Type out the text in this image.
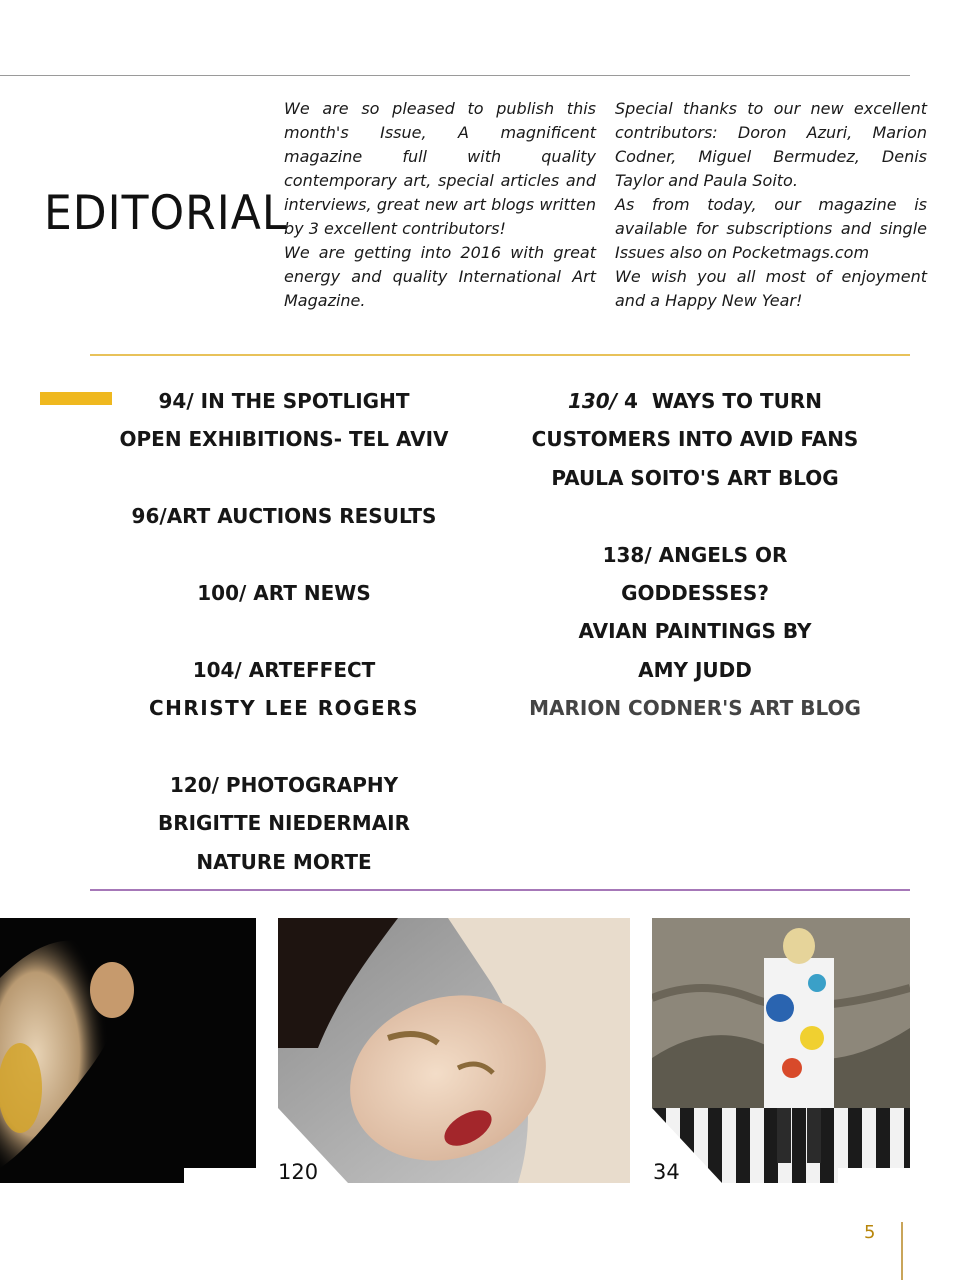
EDITORIAL

We are so pleased to publish this month's Issue, A magnificent magazine full with quality contemporary art, special articles and interviews, great new art blogs written by 3 excellent contributors!

We are getting into 2016 with great energy and quality International Art Magazine.

Special thanks to our new excellent contributors: Doron Azuri, Marion Codner, Miguel Bermudez, Denis Taylor and Paula Soito.

As from today, our magazine is available for subscriptions and single Issues also on Pocketmags.com

We wish you all most of enjoyment and a Happy New Year!

94/ IN THE SPOTLIGHT
OPEN EXHIBITIONS- TEL AVIV
96/ART AUCTIONS RESULTS
100/ ART NEWS
104/ ARTEFFECT
CHRISTY LEE ROGERS
120/ PHOTOGRAPHY
BRIGITTE NIEDERMAIR
NATURE MORTE
130/ 4  WAYS TO TURN
CUSTOMERS INTO AVID FANS
PAULA SOITO'S ART BLOG
138/ ANGELS OR
GODDESSES?
AVIAN PAINTINGS BY
AMY JUDD
MARION CODNER'S ART BLOG
120	34
5
